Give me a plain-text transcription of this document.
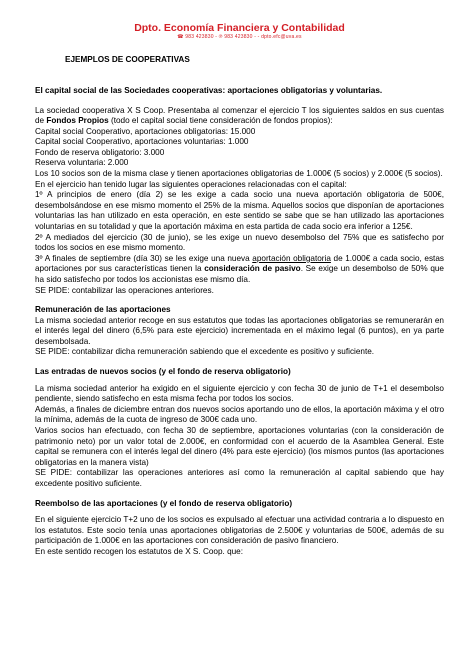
Dpto. Economía Financiera y Contabilidad
☎ 983 423830 - ℗ 983 423830 - - dpto.efc@uva.es
EJEMPLOS DE COOPERATIVAS
El capital social de las Sociedades cooperativas: aportaciones obligatorias y voluntarias.

La sociedad cooperativa X S Coop. Presentaba al comenzar el ejercicio T los siguientes saldos en sus cuentas de Fondos Propios (todo el capital social tiene consideración de fondos propios):

Capital social Cooperativo, aportaciones obligatorias: 15.000

Capital social Cooperativo, aportaciones voluntarias: 1.000

Fondo de reserva obligatorio: 3.000

Reserva voluntaria: 2.000

Los 10 socios son de la misma clase y tienen aportaciones obligatorias de 1.000€ (5 socios) y 2.000€ (5 socios).

En el ejercicio han tenido lugar las siguientes operaciones relacionadas con el capital:

1º A principios de enero (día 2) se les exige a cada socio una nueva aportación obligatoria de 500€, desembolsándose en ese mismo momento el 25% de la misma. Aquellos socios que disponían de aportaciones voluntarias las han utilizado en esta operación, en este sentido se sabe que se han utilizado las aportaciones voluntarias en su totalidad y que la aportación máxima en esta partida de cada socio era inferior a 125€.

2º A mediados del ejercicio (30 de junio), se les exige un nuevo desembolso del 75% que es satisfecho por todos los socios en ese mismo momento.

3º A finales de septiembre (día 30) se les exige una nueva aportación obligatoria de 1.000€ a cada socio, estas aportaciones por sus características tienen la consideración de pasivo. Se exige un desembolso de 50% que ha sido satisfecho por todos los accionistas ese mismo día.

SE PIDE: contabilizar las operaciones anteriores.

Remuneración de las aportaciones

La misma sociedad anterior recoge en sus estatutos que todas las aportaciones obligatorias se remunerarán en el interés legal del dinero (6,5% para este ejercicio) incrementada en el máximo legal (6 puntos), en ya parte desembolsada.

SE PIDE: contabilizar dicha remuneración sabiendo que el excedente es positivo y suficiente.

Las entradas de nuevos socios (y el fondo de reserva obligatorio)

La misma sociedad anterior ha exigido en el siguiente ejercicio y con fecha 30 de junio de T+1 el desembolso pendiente, siendo satisfecho en esta misma fecha por todos los socios.

Además, a finales de diciembre entran dos nuevos socios aportando uno de ellos, la aportación máxima y el otro la mínima, además de la cuota de ingreso de 300€ cada uno.

Varios socios han efectuado, con fecha 30 de septiembre, aportaciones voluntarias (con la consideración de patrimonio neto) por un valor total de 2.000€, en conformidad con el acuerdo de la Asamblea General. Este capital se remunera con el interés legal del dinero (4% para este ejercicio) (los mismos puntos (las aportaciones obligatorias en la manera vista)

SE PIDE: contabilizar las operaciones anteriores así como la remuneración al capital sabiendo que hay excedente positivo suficiente.

Reembolso de las aportaciones (y el fondo de reserva obligatorio)

En el siguiente ejercicio T+2 uno de los socios es expulsado al efectuar una actividad contraria a lo dispuesto en los estatutos. Este socio tenía unas aportaciones obligatorias de 2.500€ y voluntarias de 500€, además de su participación de 1.000€ en las aportaciones con consideración de pasivo financiero.

En este sentido recogen los estatutos de X S. Coop. que:
